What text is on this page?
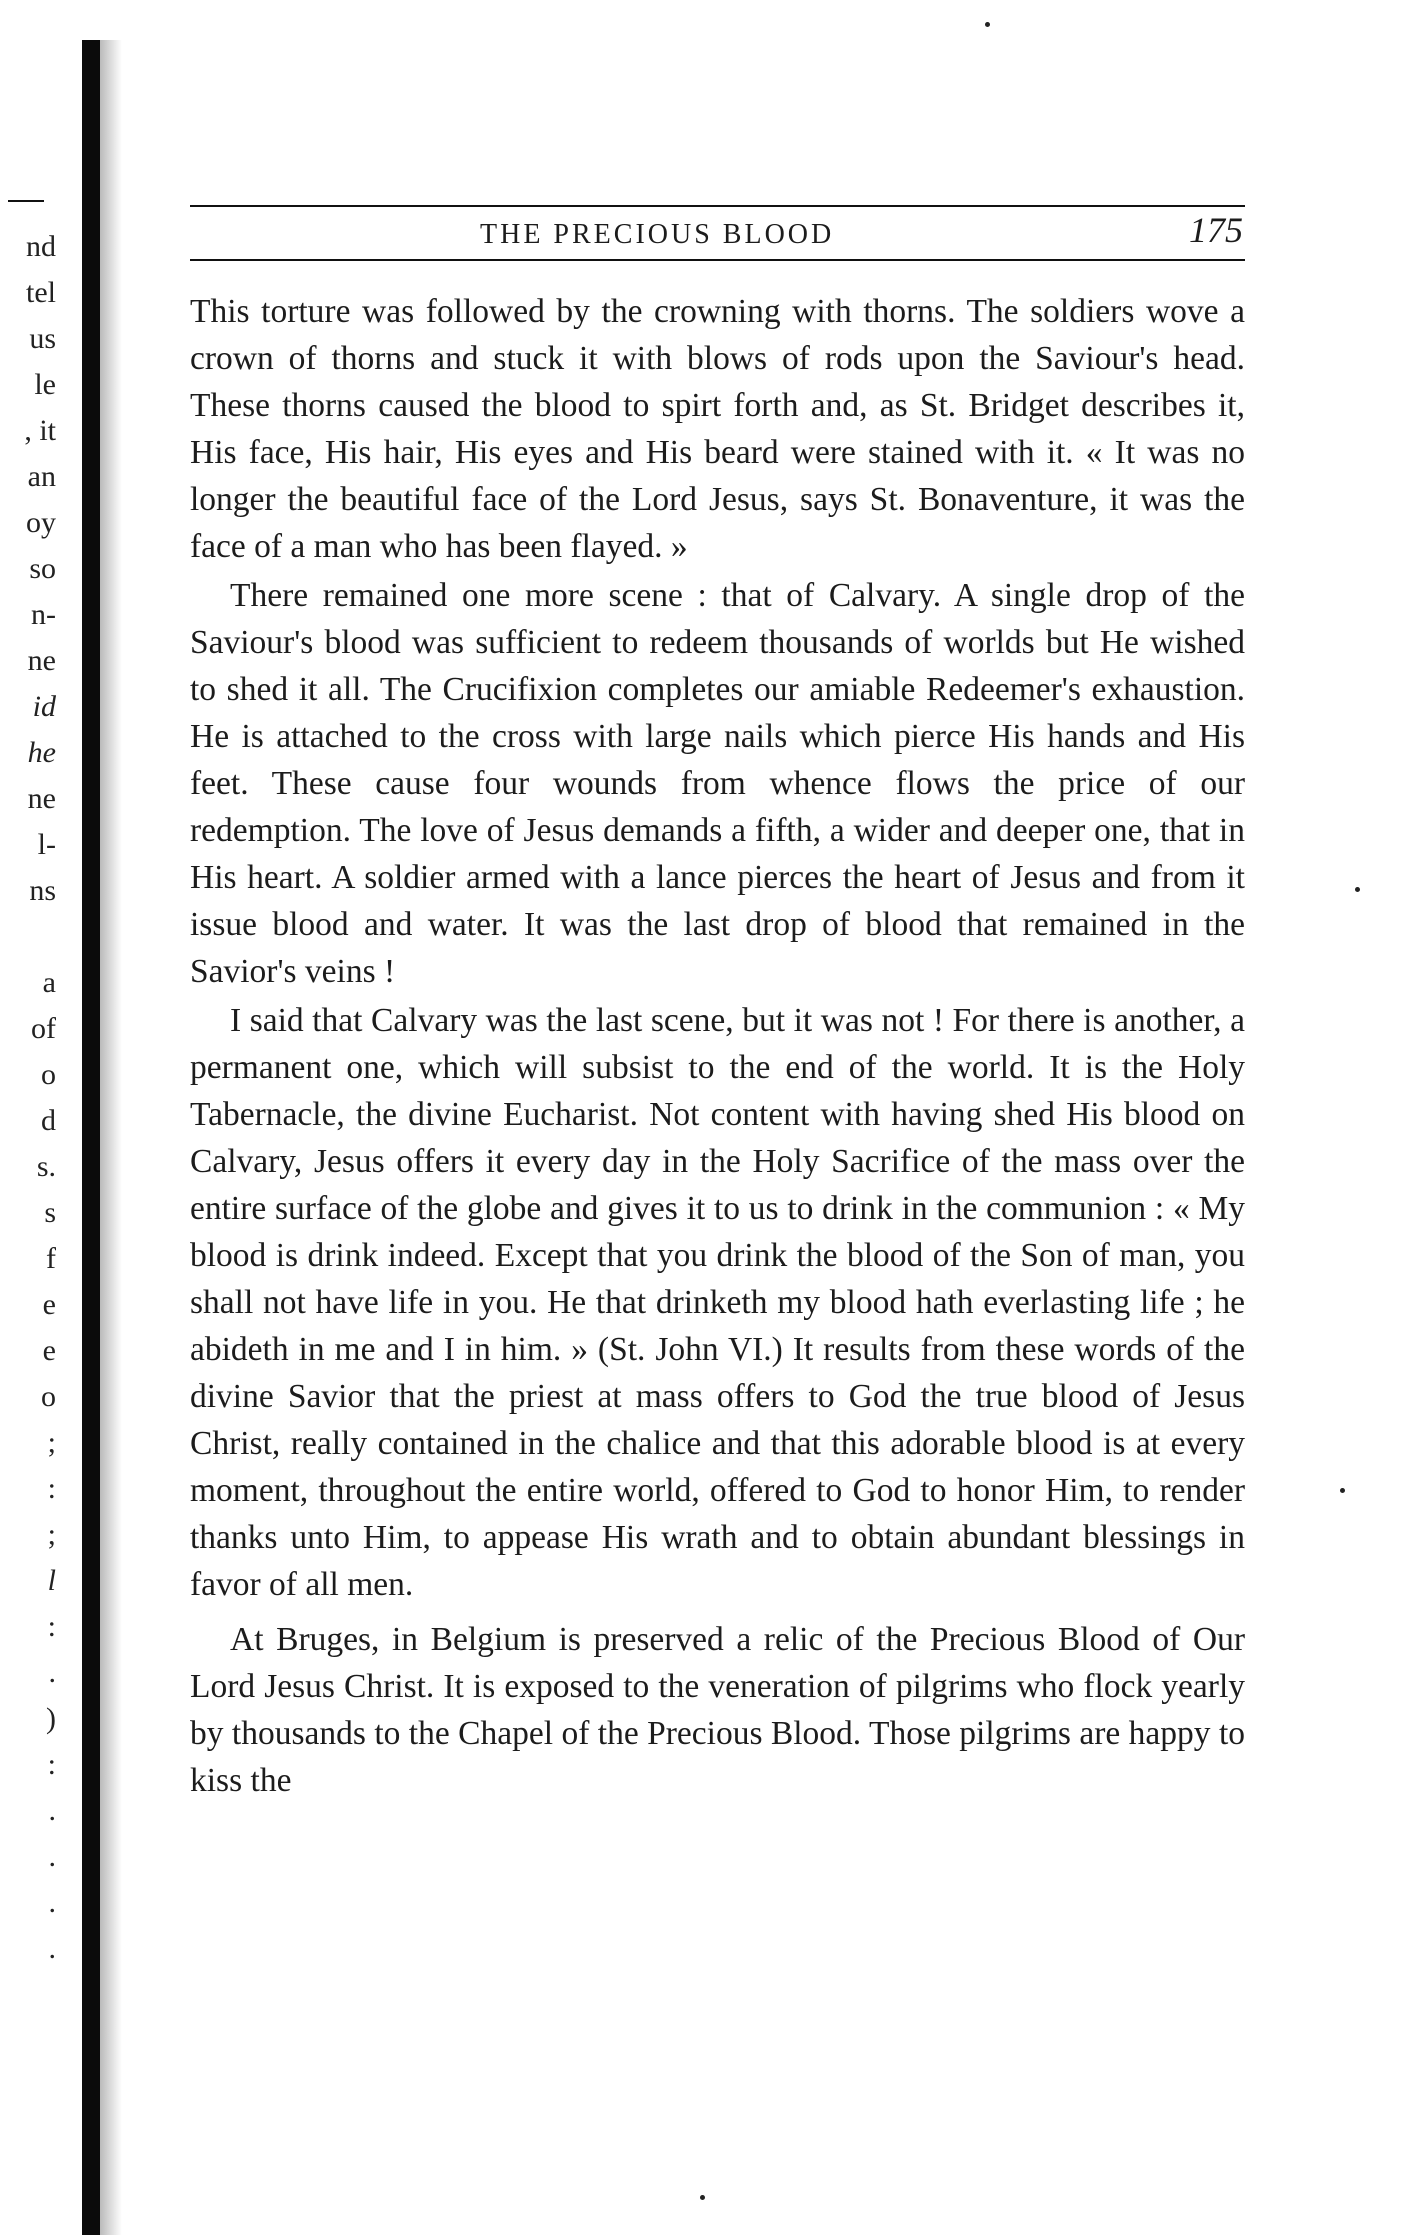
nd
tel
us
le
, it
an
oy
so
n-
ne
id
he
ne
l-
ns
a
of
o
d
s.
s
f
e
e
o
;
:
;
l
:
.
)
:
.
.
.
.
THE PRECIOUS BLOOD	175

This torture was followed by the crowning with thorns. The soldiers wove a crown of thorns and stuck it with blows of rods upon the Saviour's head. These thorns caused the blood to spirt forth and, as St. Bridget describes it, His face, His hair, His eyes and His beard were stained with it. « It was no longer the beautiful face of the Lord Jesus, says St. Bonaventure, it was the face of a man who has been flayed. »

There remained one more scene : that of Calvary. A single drop of the Saviour's blood was sufficient to redeem thousands of worlds but He wished to shed it all. The Crucifixion completes our amiable Redeemer's exhaustion. He is attached to the cross with large nails which pierce His hands and His feet. These cause four wounds from whence flows the price of our redemption. The love of Jesus demands a fifth, a wider and deeper one, that in His heart. A soldier armed with a lance pierces the heart of Jesus and from it issue blood and water. It was the last drop of blood that remained in the Savior's veins !

I said that Calvary was the last scene, but it was not ! For there is another, a permanent one, which will subsist to the end of the world. It is the Holy Tabernacle, the divine Eucharist. Not content with having shed His blood on Calvary, Jesus offers it every day in the Holy Sacrifice of the mass over the entire surface of the globe and gives it to us to drink in the communion : « My blood is drink indeed. Except that you drink the blood of the Son of man, you shall not have life in you. He that drinketh my blood hath everlasting life ; he abideth in me and I in him. » (St. John VI.) It results from these words of the divine Savior that the priest at mass offers to God the true blood of Jesus Christ, really contained in the chalice and that this adorable blood is at every moment, throughout the entire world, offered to God to honor Him, to render thanks unto Him, to appease His wrath and to obtain abundant blessings in favor of all men.

At Bruges, in Belgium is preserved a relic of the Precious Blood of Our Lord Jesus Christ. It is exposed to the veneration of pilgrims who flock yearly by thousands to the Chapel of the Precious Blood. Those pilgrims are happy to kiss the
